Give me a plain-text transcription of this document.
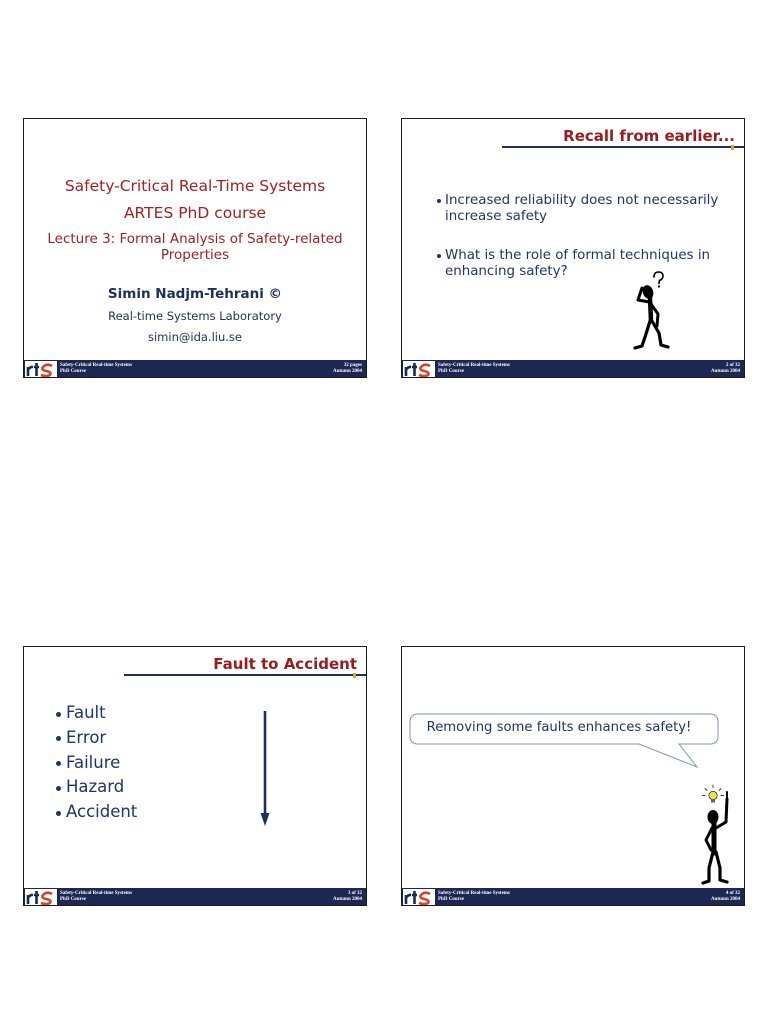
Safety-Critical Real-Time Systems
ARTES PhD course
Lecture 3: Formal Analysis of Safety-related
Properties
Simin Nadjm-Tehrani ©
Real-time Systems Laboratory
simin@ida.liu.se
Safety-Critical Real-time Systems
PhD Course
32 pages
Autumn 2004
Recall from earlier...
Increased reliability does not necessarily increase safety
What is the role of formal techniques in enhancing safety?
Safety-Critical Real-time Systems
PhD Course
2 of 32
Autumn 2004
Fault to Accident
Fault
Error
Failure
Hazard
Accident
Safety-Critical Real-time Systems
PhD Course
3 of 32
Autumn 2004
Removing some faults enhances safety!
Safety-Critical Real-time Systems
PhD Course
4 of 32
Autumn 2004
